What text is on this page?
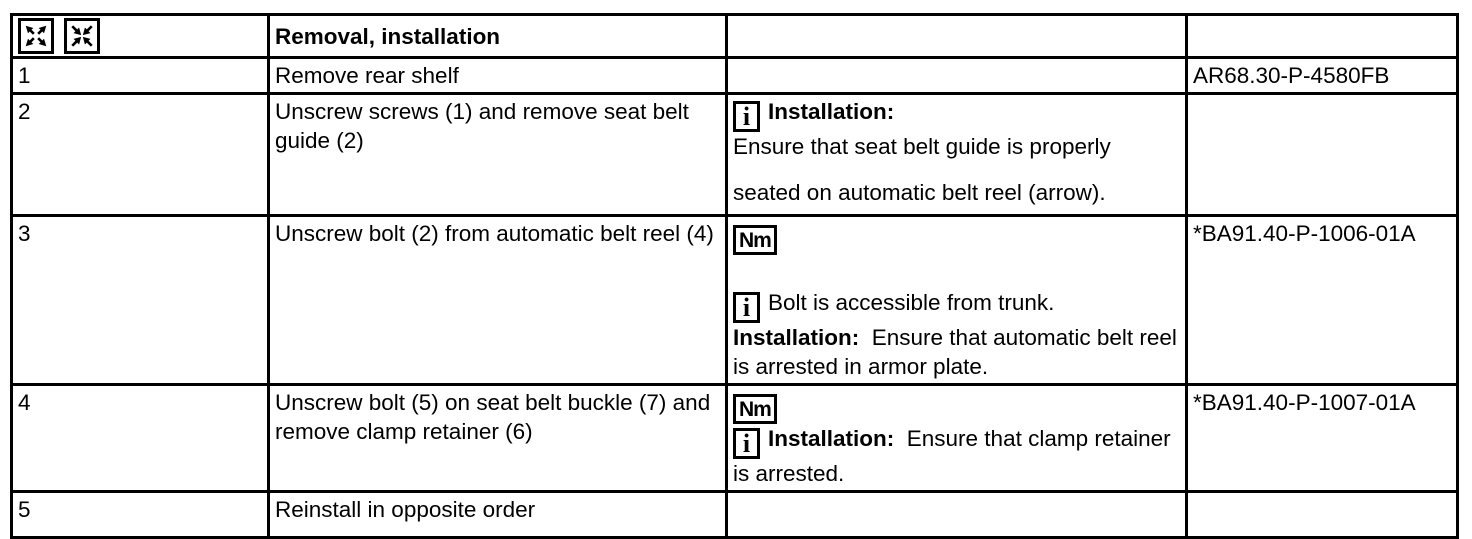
	Removal, installation		
1	Remove rear shelf		AR68.30-P-4580FB
2	Unscrew screws (1) and remove seat belt guide (2)	i Installation:
Ensure that seat belt guide is properly
seated on automatic belt reel (arrow).	

3	Unscrew bolt (2) from automatic belt reel (4)	Nm
i Bolt is accessible from trunk.
Installation:  Ensure that automatic belt reel is arrested in armor plate.	*BA91.40-P-1006-01A
4	Unscrew bolt (5) on seat belt buckle (7) and remove clamp retainer (6)	Nm
i Installation:  Ensure that clamp retainer is arrested.	*BA91.40-P-1007-01A
5	Reinstall in opposite order		
